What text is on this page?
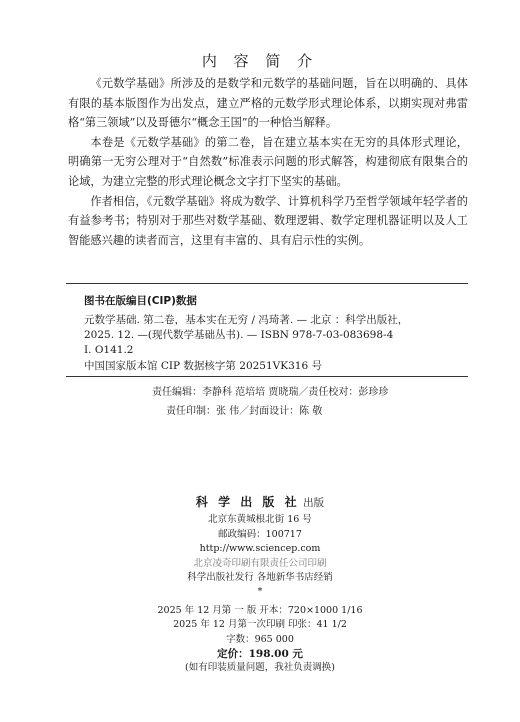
内 容 简 介

《元数学基础》所涉及的是数学和元数学的基础问题，旨在以明确的、具体有限的基本版图作为出发点，建立严格的元数学形式理论体系，以期实现对弗雷格“第三领域”以及哥德尔“概念王国”的一种恰当解释。

本卷是《元数学基础》的第二卷，旨在建立基本实在无穷的具体形式理论，明确第一无穷公理对于“自然数”标准表示问题的形式解答，构建彻底有限集合的论域，为建立完整的形式理论概念文字打下坚实的基础。

作者相信，《元数学基础》将成为数学、计算机科学乃至哲学领域年轻学者的有益参考书；特别对于那些对数学基础、数理逻辑、数学定理机器证明以及人工智能感兴趣的读者而言，这里有丰富的、具有启示性的实例。

图书在版编目(CIP)数据
元数学基础. 第二卷，基本实在无穷 / 冯琦著. — 北京 ：科学出版社，
2025. 12. —(现代数学基础丛书). — ISBN 978-7-03-083698-4
I. O141.2
中国国家版本馆 CIP 数据核字第 20251VK316 号
责任编辑：李静科 范培培 贾晓瑞／责任校对：彭珍珍
责任印制：张 伟／封面设计：陈 敬
科 学 出 版 社 出版
北京东黄城根北街 16 号
邮政编码：100717
http://www.sciencep.com
北京凌奇印刷有限责任公司印刷
科学出版社发行 各地新华书店经销
*
2025 年 12 月第 一 版 开本：720×1000 1/16
2025 年 12 月第一次印刷 印张：41 1/2
字数：965 000
定价：198.00 元
(如有印装质量问题，我社负责调换)
